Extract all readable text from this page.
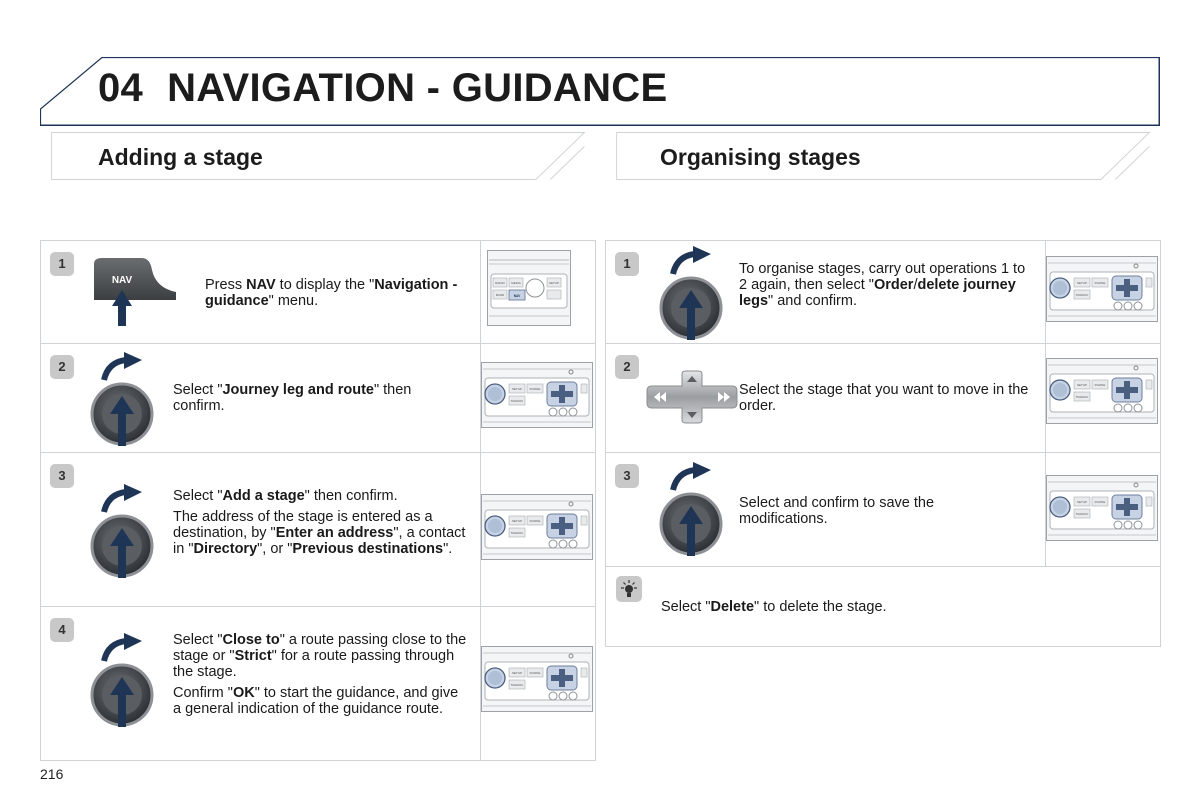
04 NAVIGATION - GUIDANCE
Adding a stage	Organising stages
1
NAV	Press NAV to display the "Navigation - guidance" menu.

2

Select "Journey leg and route" then confirm.

3

Select "Add a stage" then confirm.

The address of the stage is entered as a destination, by "Enter an address", a contact in "Directory", or "Previous destinations".

4

Select "Close to" a route passing close to the stage or "Strict" for a route passing through the stage.

Confirm "OK" to start the guidance, and give a general indication of the guidance route.

RADIO MEDIA
BAND	NAV
SETUP
SETUP	PHONE
TRAFFIC
SETUP	PHONE
TRAFFIC
SETUP	PHONE
TRAFFIC
1	To organise stages, carry out operations 1 to 2 again, then select "Order/delete journey legs" and confirm.

2

Select the stage that you want to move in the order.

3

Select and confirm to save the modifications.

Select "Delete" to delete the stage.

SETUP	PHONE
TRAFFIC
SETUP	PHONE
TRAFFIC
SETUP	PHONE
TRAFFIC
216
